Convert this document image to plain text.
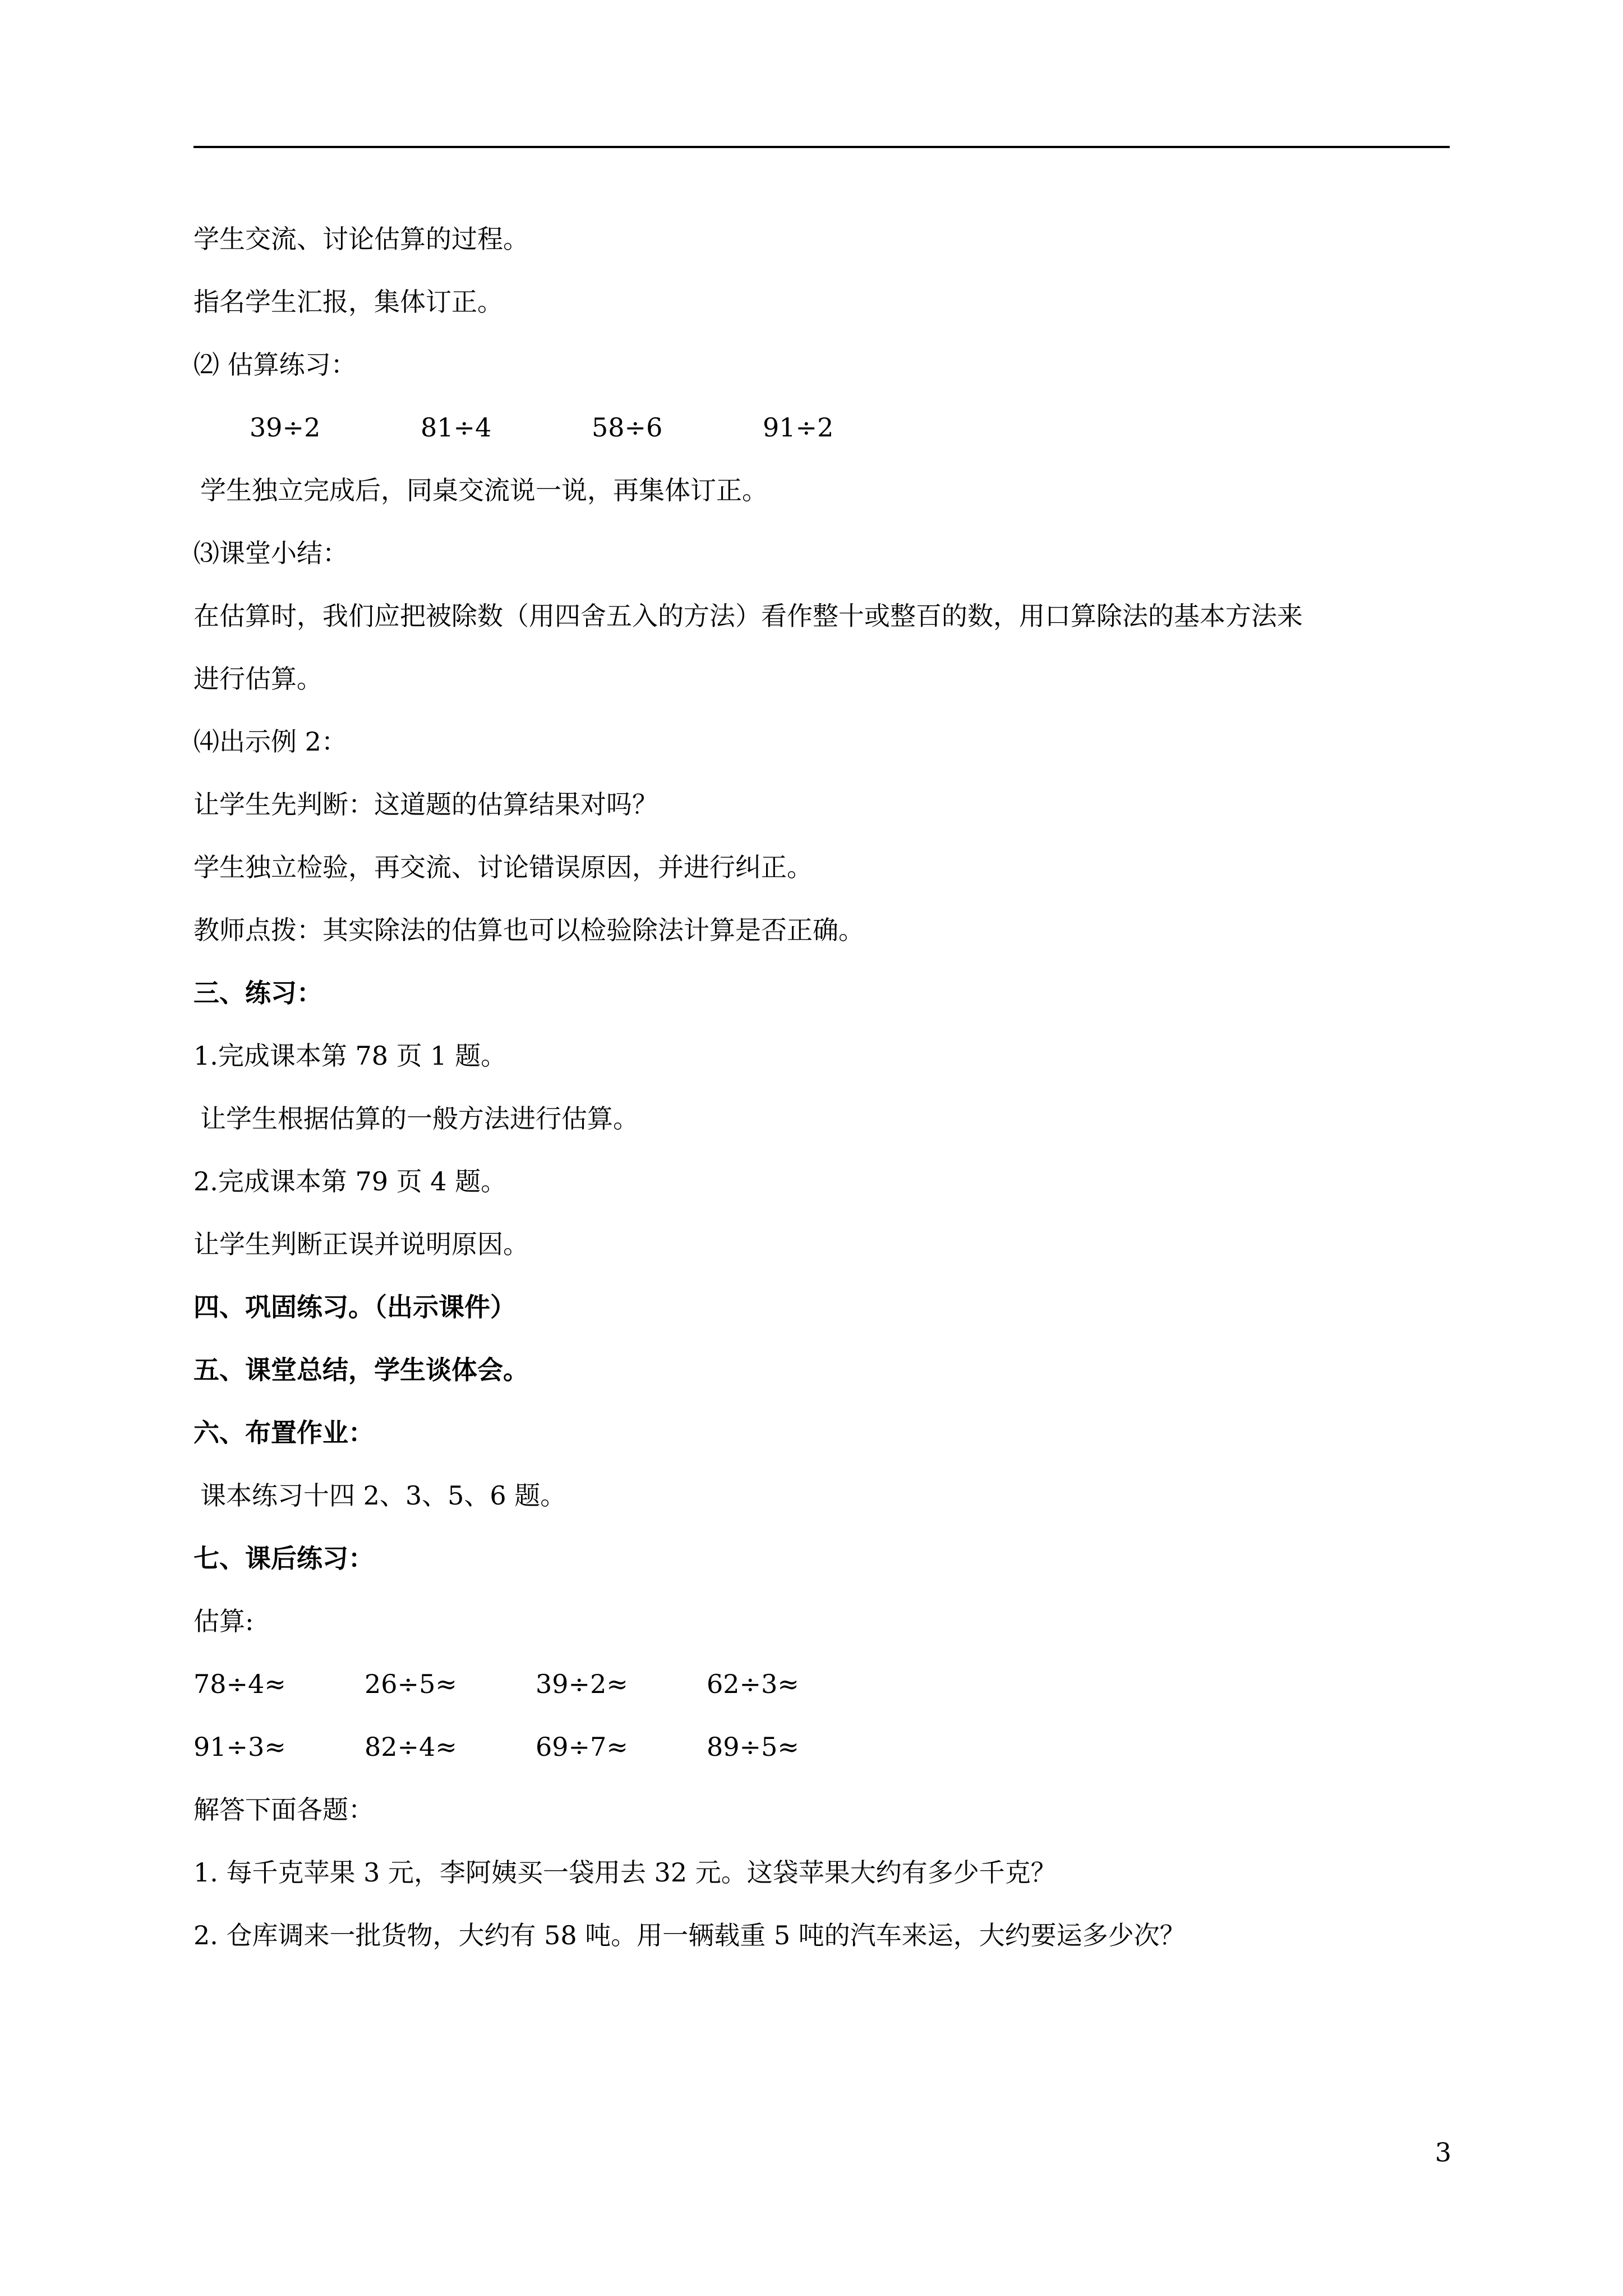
学生交流、讨论估算的过程。
指名学生汇报，集体订正。
⑵ 估算练习：
39÷2	81÷4	58÷6	91÷2
学生独立完成后，同桌交流说一说，再集体订正。
⑶课堂小结：
在估算时，我们应把被除数（用四舍五入的方法）看作整十或整百的数，用口算除法的基本方法来
进行估算。
⑷出示例 2：
让学生先判断：这道题的估算结果对吗？
学生独立检验，再交流、讨论错误原因，并进行纠正。
教师点拨：其实除法的估算也可以检验除法计算是否正确。
三、练习：
1.完成课本第 78 页 1 题。
让学生根据估算的一般方法进行估算。
2.完成课本第 79 页 4 题。
让学生判断正误并说明原因。
四、巩固练习。（出示课件）
五、课堂总结，学生谈体会。
六、布置作业：
课本练习十四 2、3、5、6 题。
七、课后练习：
估算:
78÷4≈	26÷5≈	39÷2≈	62÷3≈
91÷3≈	82÷4≈	69÷7≈	89÷5≈
解答下面各题：
1. 每千克苹果 3 元，李阿姨买一袋用去 32 元。这袋苹果大约有多少千克？
2. 仓库调来一批货物，大约有 58 吨。用一辆载重 5 吨的汽车来运，大约要运多少次？
3
